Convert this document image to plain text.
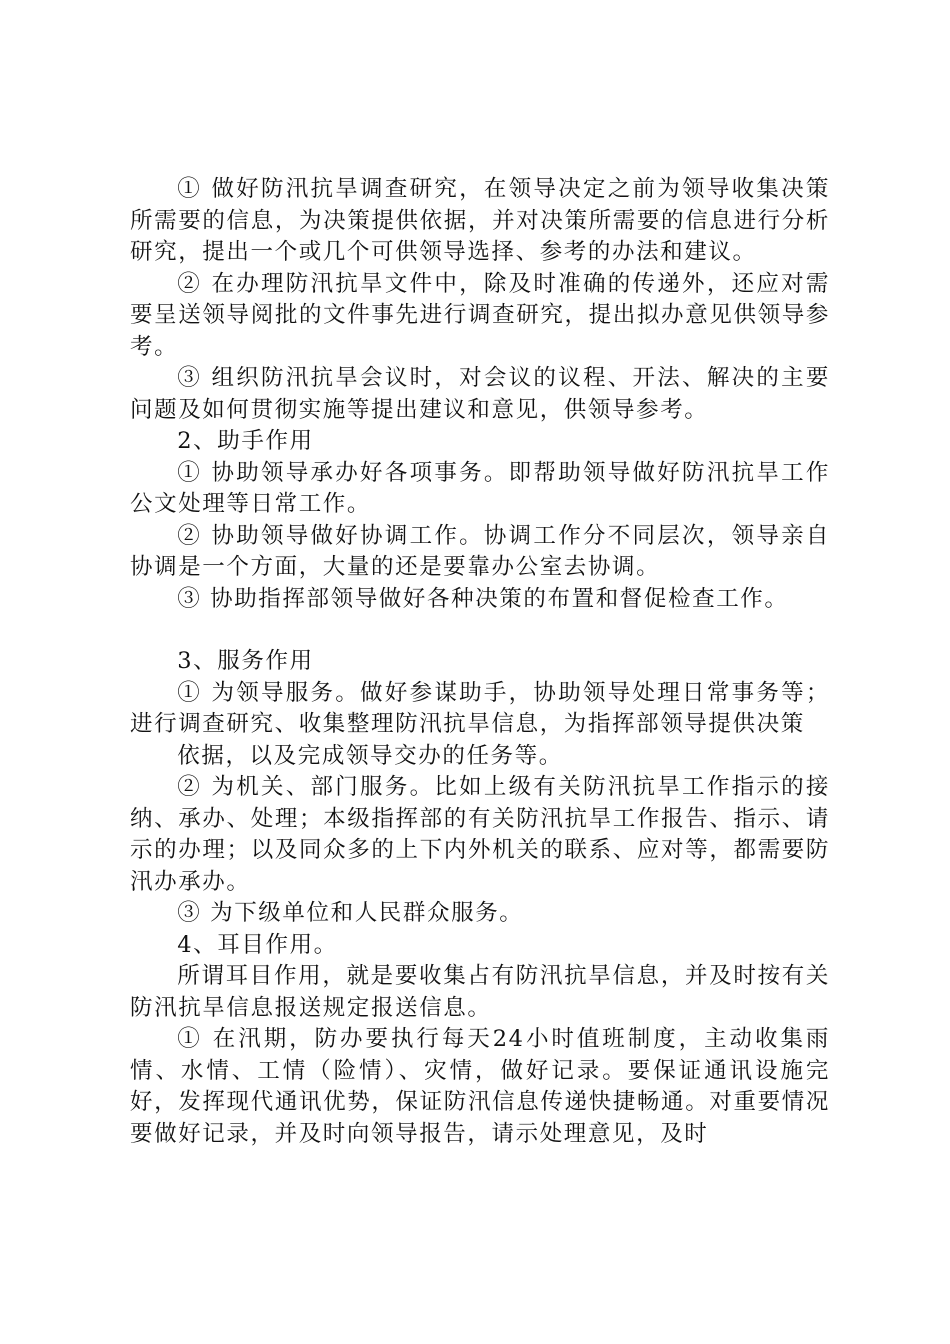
① 做好防汛抗旱调查研究，在领导决定之前为领导收集决策所需要的信息，为决策提供依据，并对决策所需要的信息进行分析研究，提出一个或几个可供领导选择、参考的办法和建议。

② 在办理防汛抗旱文件中，除及时准确的传递外，还应对需要呈送领导阅批的文件事先进行调查研究，提出拟办意见供领导参考。

③ 组织防汛抗旱会议时，对会议的议程、开法、解决的主要问题及如何贯彻实施等提出建议和意见，供领导参考。

2、助手作用

① 协助领导承办好各项事务。即帮助领导做好防汛抗旱工作公文处理等日常工作。

② 协助领导做好协调工作。协调工作分不同层次，领导亲自协调是一个方面，大量的还是要靠办公室去协调。

③ 协助指挥部领导做好各种决策的布置和督促检查工作。

3、服务作用

① 为领导服务。做好参谋助手，协助领导处理日常事务等；进行调查研究、收集整理防汛抗旱信息，为指挥部领导提供决策

依据，以及完成领导交办的任务等。

② 为机关、部门服务。比如上级有关防汛抗旱工作指示的接纳、承办、处理；本级指挥部的有关防汛抗旱工作报告、指示、请示的办理；以及同众多的上下内外机关的联系、应对等，都需要防汛办承办。

③ 为下级单位和人民群众服务。

4、耳目作用。

所谓耳目作用，就是要收集占有防汛抗旱信息，并及时按有关防汛抗旱信息报送规定报送信息。

① 在汛期，防办要执行每天24小时值班制度，主动收集雨情、水情、工情（险情）、灾情，做好记录。要保证通讯设施完好，发挥现代通讯优势，保证防汛信息传递快捷畅通。对重要情况要做好记录，并及时向领导报告，请示处理意见，及时
